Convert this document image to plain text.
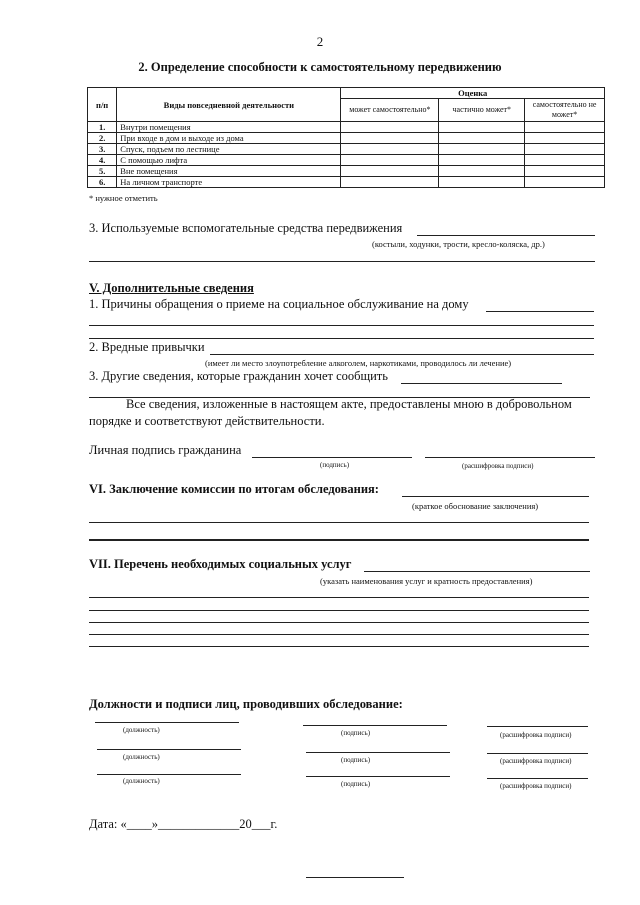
2
2. Определение способности к самостоятельному передвижению
п/п	Виды повседневной деятельности	Оценка		
		может самостоятельно*	частично может*	самостоятельно не может*
1.	Внутри помещения			
2.	При входе в дом и выходе из дома			
3.	Спуск, подъем по лестнице			
4.	С помощью лифта			
5.	Вне помещения			
6.	На личном транспорте			
* нужное отметить
3. Используемые вспомогательные средства передвижения
(костыли, ходунки, трости, кресло-коляска, др.)
V. Дополнительные сведения
1. Причины обращения о приеме на социальное обслуживание на дому
2. Вредные привычки
(имеет ли место злоупотребление алкоголем, наркотиками, проводилось ли лечение)
3. Другие сведения, которые гражданин хочет сообщить
Все сведения, изложенные в настоящем акте, предоставлены мною в добровольном порядке и соответствуют действительности.
Личная подпись гражданина
(подпись)	(расшифровка подписи)
VI. Заключение комиссии по итогам обследования:
(краткое обоснование заключения)
VII. Перечень необходимых социальных услуг
(указать наименования услуг и кратность предоставления)
Должности и подписи лиц, проводивших обследование:
(должность)	(подпись)	(расшифровка подписи)
(должность)	(подпись)	(расшифровка подписи)
(должность)	(подпись)	(расшифровка подписи)
Дата: «____»_____________20___г.
